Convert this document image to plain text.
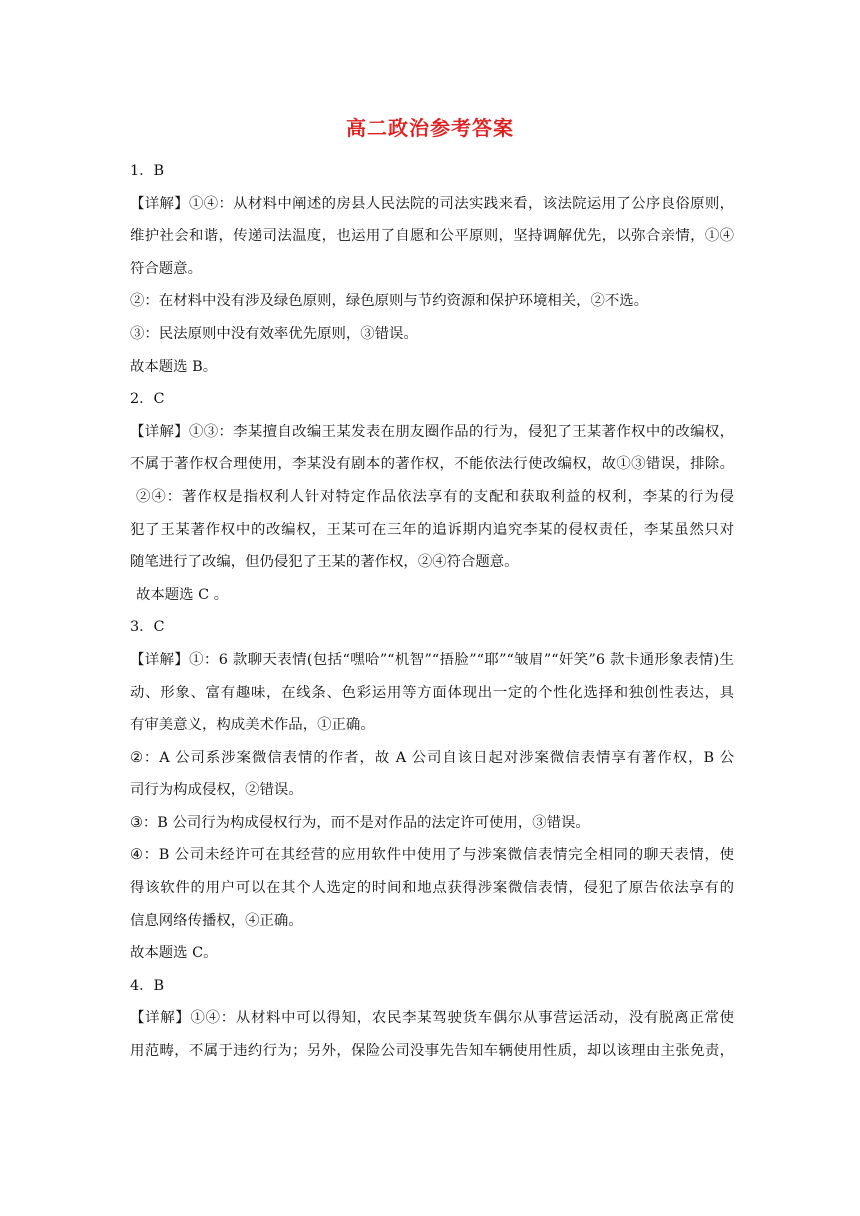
高二政治参考答案
1．B
【详解】①④：从材料中阐述的房县人民法院的司法实践来看，该法院运用了公序良俗原则，
维护社会和谐，传递司法温度，也运用了自愿和公平原则，坚持调解优先，以弥合亲情，①④
符合题意。
②：在材料中没有涉及绿色原则，绿色原则与节约资源和保护环境相关，②不选。
③：民法原则中没有效率优先原则，③错误。
故本题选 B。
2．C
【详解】①③：李某擅自改编王某发表在朋友圈作品的行为，侵犯了王某著作权中的改编权，
不属于著作权合理使用，李某没有剧本的著作权，不能依法行使改编权，故①③错误，排除。
②④：著作权是指权利人针对特定作品依法享有的支配和获取利益的权利，李某的行为侵
犯了王某著作权中的改编权，王某可在三年的追诉期内追究李某的侵权责任，李某虽然只对
随笔进行了改编，但仍侵犯了王某的著作权，②④符合题意。
故本题选 C 。
3．C
【详解】①：6 款聊天表情(包括“嘿哈”“机智”“捂脸”“耶”“皱眉”“奸笑”6 款卡通形象表情)生
动、形象、富有趣味，在线条、色彩运用等方面体现出一定的个性化选择和独创性表达，具
有审美意义，构成美术作品，①正确。
②：A 公司系涉案微信表情的作者，故 A 公司自该日起对涉案微信表情享有著作权，B 公
司行为构成侵权，②错误。
③：B 公司行为构成侵权行为，而不是对作品的法定许可使用，③错误。
④：B 公司未经许可在其经营的应用软件中使用了与涉案微信表情完全相同的聊天表情，使
得该软件的用户可以在其个人选定的时间和地点获得涉案微信表情，侵犯了原告依法享有的
信息网络传播权，④正确。
故本题选 C。
4．B
【详解】①④：从材料中可以得知，农民李某驾驶货车偶尔从事营运活动，没有脱离正常使
用范畴，不属于违约行为；另外，保险公司没事先告知车辆使用性质，却以该理由主张免责，
